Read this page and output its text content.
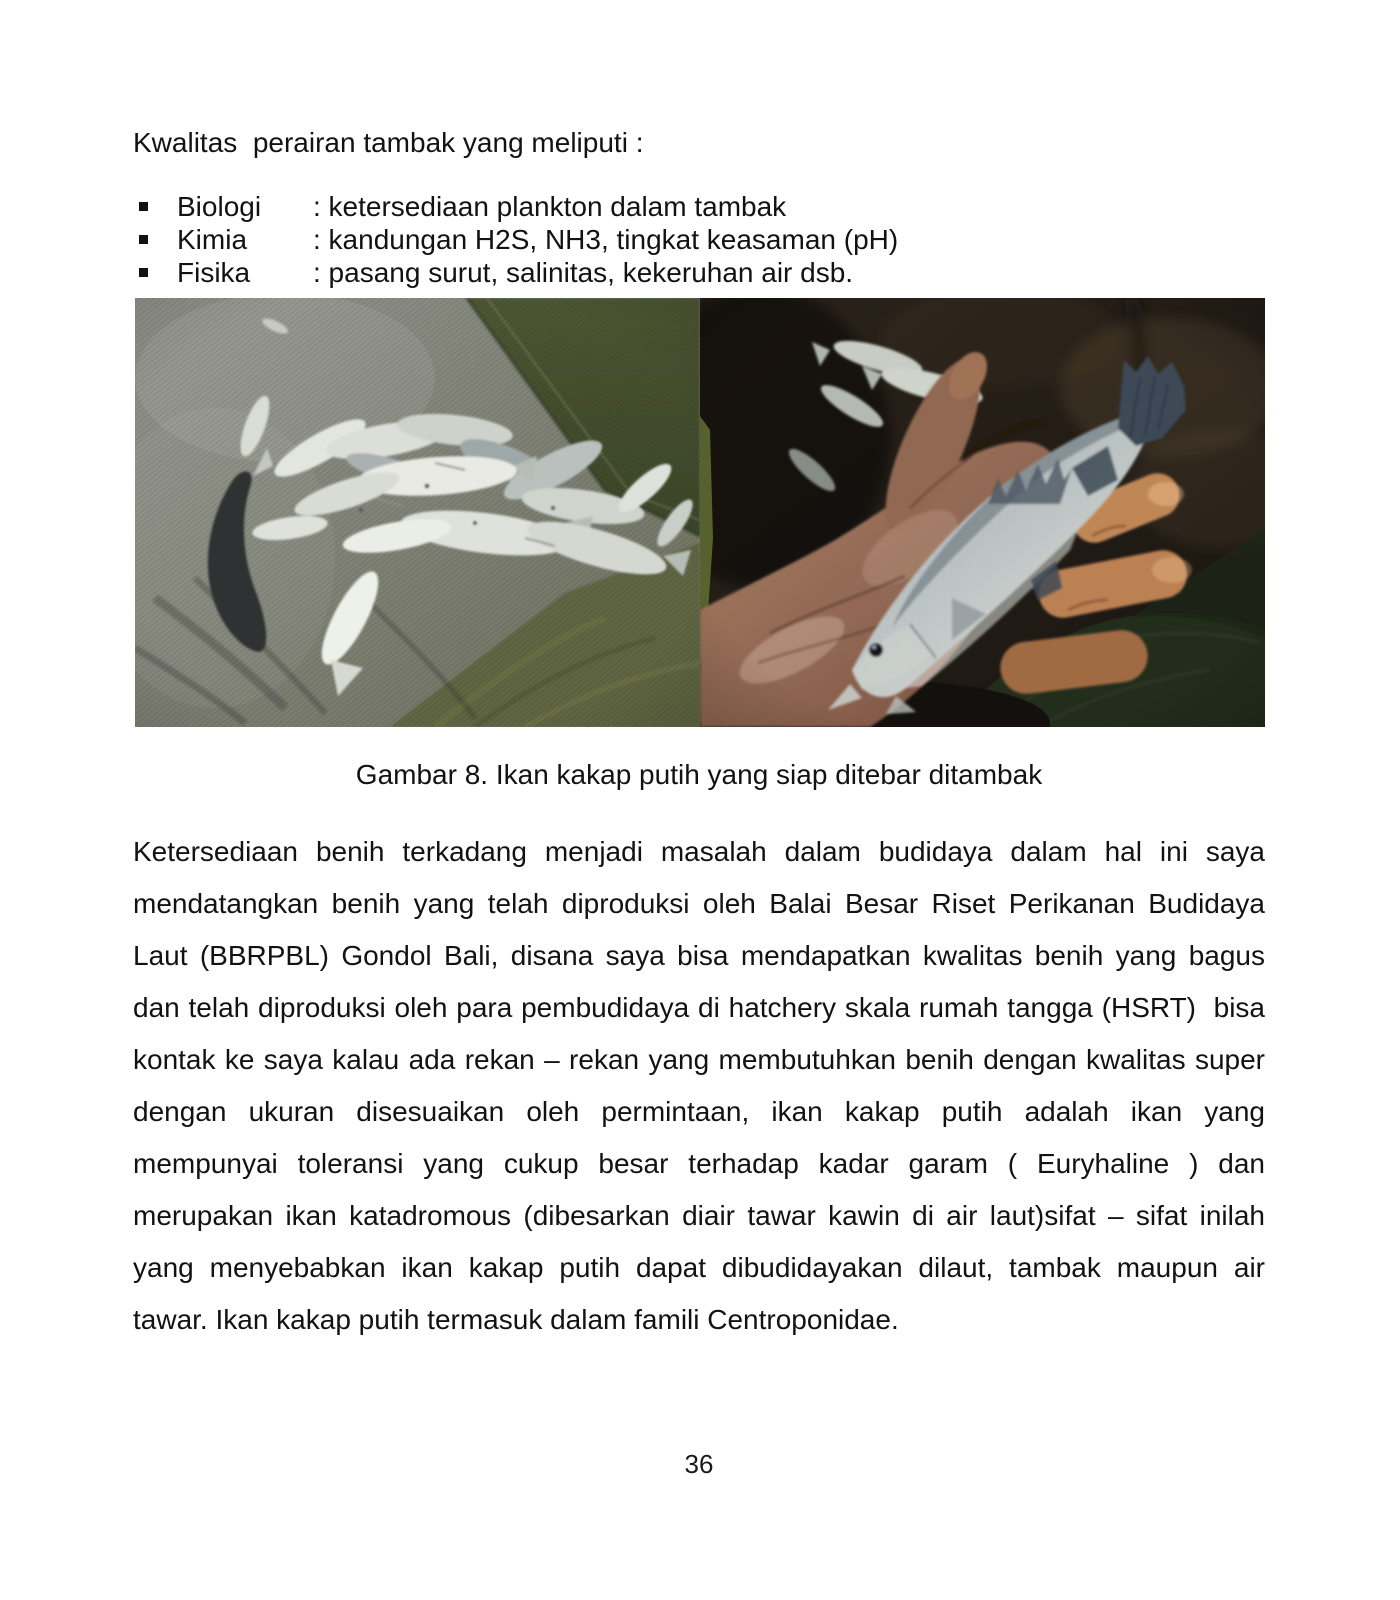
Kwalitas  perairan tambak yang meliputi :
Biologi	: ketersediaan plankton dalam tambak
Kimia	: kandungan H2S, NH3, tingkat keasaman (pH)
Fisika	: pasang surut, salinitas, kekeruhan air dsb.
Gambar 8. Ikan kakap putih yang siap ditebar ditambak
Ketersediaan benih terkadang menjadi masalah dalam budidaya dalam hal ini saya
mendatangkan benih yang telah diproduksi oleh Balai Besar Riset Perikanan Budidaya
Laut (BBRPBL) Gondol Bali, disana saya bisa mendapatkan kwalitas benih yang bagus
dan telah diproduksi oleh para pembudidaya di hatchery skala rumah tangga (HSRT)  bisa
kontak ke saya kalau ada rekan – rekan yang membutuhkan benih dengan kwalitas super
dengan ukuran disesuaikan oleh permintaan, ikan kakap putih adalah ikan yang
mempunyai toleransi yang cukup besar terhadap kadar garam ( Euryhaline ) dan
merupakan ikan katadromous (dibesarkan diair tawar kawin di air laut)sifat – sifat inilah
yang menyebabkan ikan kakap putih dapat dibudidayakan dilaut, tambak maupun air
tawar. Ikan kakap putih termasuk dalam famili Centroponidae.
36
